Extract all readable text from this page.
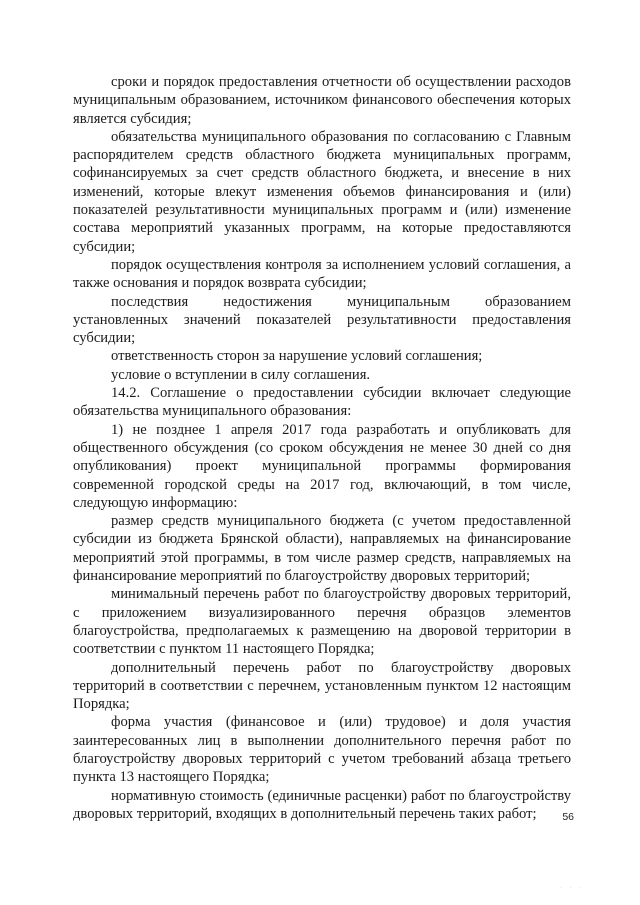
сроки и порядок предоставления отчетности об осуществлении расходов муниципальным образованием, источником финансового обеспечения которых является субсидия;

обязательства муниципального образования по согласованию с Главным распорядителем средств областного бюджета муниципальных программ, софинансируемых за счет средств областного бюджета, и внесение в них изменений, которые влекут изменения объемов финансирования и (или) показателей результативности муниципальных программ и (или) изменение состава мероприятий указанных программ, на которые предоставляются субсидии;

порядок осуществления контроля за исполнением условий соглашения, а также основания и порядок возврата субсидии;

последствия недостижения муниципальным образованием установленных значений показателей результативности предоставления субсидии;

ответственность сторон за нарушение условий соглашения;

условие о вступлении в силу соглашения.

14.2. Соглашение о предоставлении субсидии включает следующие обязательства муниципального образования:

1) не позднее 1 апреля 2017 года разработать и опубликовать для общественного обсуждения (со сроком обсуждения не менее 30 дней со дня опубликования) проект муниципальной программы формирования современной городской среды на 2017 год, включающий, в том числе, следующую информацию:

размер средств муниципального бюджета (с учетом предоставленной субсидии из бюджета Брянской области), направляемых на финансирование мероприятий этой программы, в том числе размер средств, направляемых на финансирование мероприятий по благоустройству дворовых территорий;

минимальный перечень работ по благоустройству дворовых территорий, с приложением визуализированного перечня образцов элементов благоустройства, предполагаемых к размещению на дворовой территории в соответствии с пунктом 11 настоящего Порядка;

дополнительный перечень работ по благоустройству дворовых территорий в соответствии с перечнем, установленным пунктом 12 настоящим Порядка;

форма участия (финансовое и (или) трудовое) и доля участия заинтересованных лиц в выполнении дополнительного перечня работ по благоустройству дворовых территорий с учетом требований абзаца третьего пункта 13 настоящего Порядка;

нормативную стоимость (единичные расценки) работ по благоустройству дворовых территорий, входящих в дополнительный перечень таких работ;	56
· · ·
